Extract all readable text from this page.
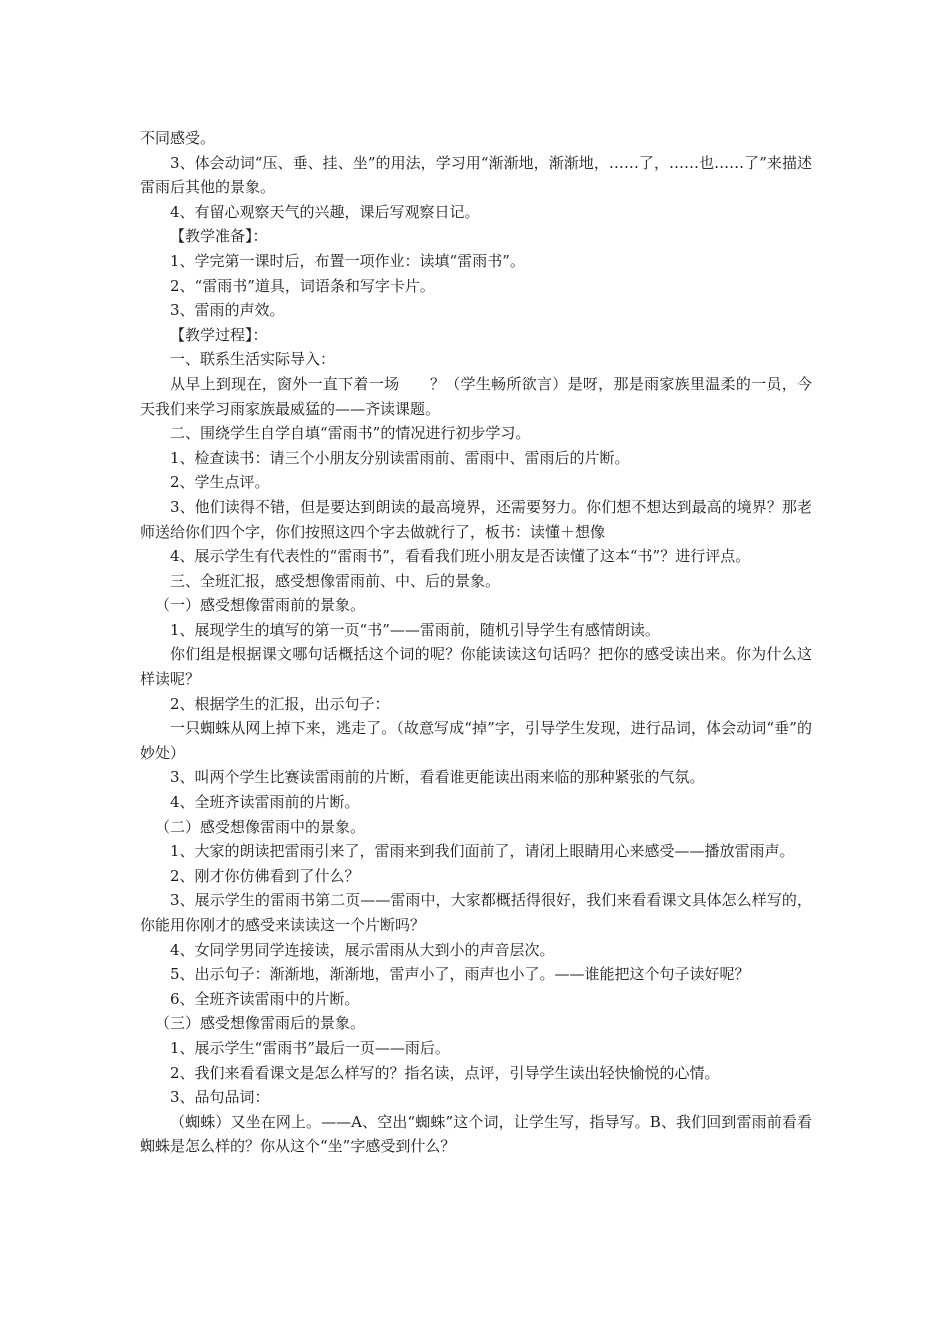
不同感受。

3、体会动词“压、垂、挂、坐”的用法，学习用“渐渐地，渐渐地，……了，……也……了”来描述雷雨后其他的景象。

4、有留心观察天气的兴趣，课后写观察日记。

【教学准备】：

1、学完第一课时后，布置一项作业：读填“雷雨书”。

2、“雷雨书”道具，词语条和写字卡片。

3、雷雨的声效。

【教学过程】：

一、联系生活实际导入：

从早上到现在，窗外一直下着一场　　？（学生畅所欲言）是呀，那是雨家族里温柔的一员，今天我们来学习雨家族最威猛的——齐读课题。

二、围绕学生自学自填“雷雨书”的情况进行初步学习。

1、检查读书：请三个小朋友分别读雷雨前、雷雨中、雷雨后的片断。

2、学生点评。

3、他们读得不错，但是要达到朗读的最高境界，还需要努力。你们想不想达到最高的境界？那老师送给你们四个字，你们按照这四个字去做就行了，板书：读懂＋想像

4、展示学生有代表性的“雷雨书”，看看我们班小朋友是否读懂了这本“书”？进行评点。

三、全班汇报，感受想像雷雨前、中、后的景象。

（一）感受想像雷雨前的景象。

1、展现学生的填写的第一页“书”——雷雨前，随机引导学生有感情朗读。

你们组是根据课文哪句话概括这个词的呢？你能读读这句话吗？把你的感受读出来。你为什么这样读呢？

2、根据学生的汇报，出示句子：

一只蜘蛛从网上掉下来，逃走了。（故意写成“掉”字，引导学生发现，进行品词，体会动词“垂”的妙处）

3、叫两个学生比赛读雷雨前的片断，看看谁更能读出雨来临的那种紧张的气氛。

4、全班齐读雷雨前的片断。

（二）感受想像雷雨中的景象。

1、大家的朗读把雷雨引来了，雷雨来到我们面前了，请闭上眼睛用心来感受——播放雷雨声。

2、刚才你仿佛看到了什么？

3、展示学生的雷雨书第二页——雷雨中，大家都概括得很好，我们来看看课文具体怎么样写的，你能用你刚才的感受来读读这一个片断吗？

4、女同学男同学连接读，展示雷雨从大到小的声音层次。

5、出示句子：渐渐地，渐渐地，雷声小了，雨声也小了。——谁能把这个句子读好呢？

6、全班齐读雷雨中的片断。

（三）感受想像雷雨后的景象。

1、展示学生“雷雨书”最后一页——雨后。

2、我们来看看课文是怎么样写的？指名读，点评，引导学生读出轻快愉悦的心情。

3、品句品词：

（蜘蛛）又坐在网上。——A、空出“蜘蛛”这个词，让学生写，指导写。B、我们回到雷雨前看看蜘蛛是怎么样的？你从这个“坐”字感受到什么？
